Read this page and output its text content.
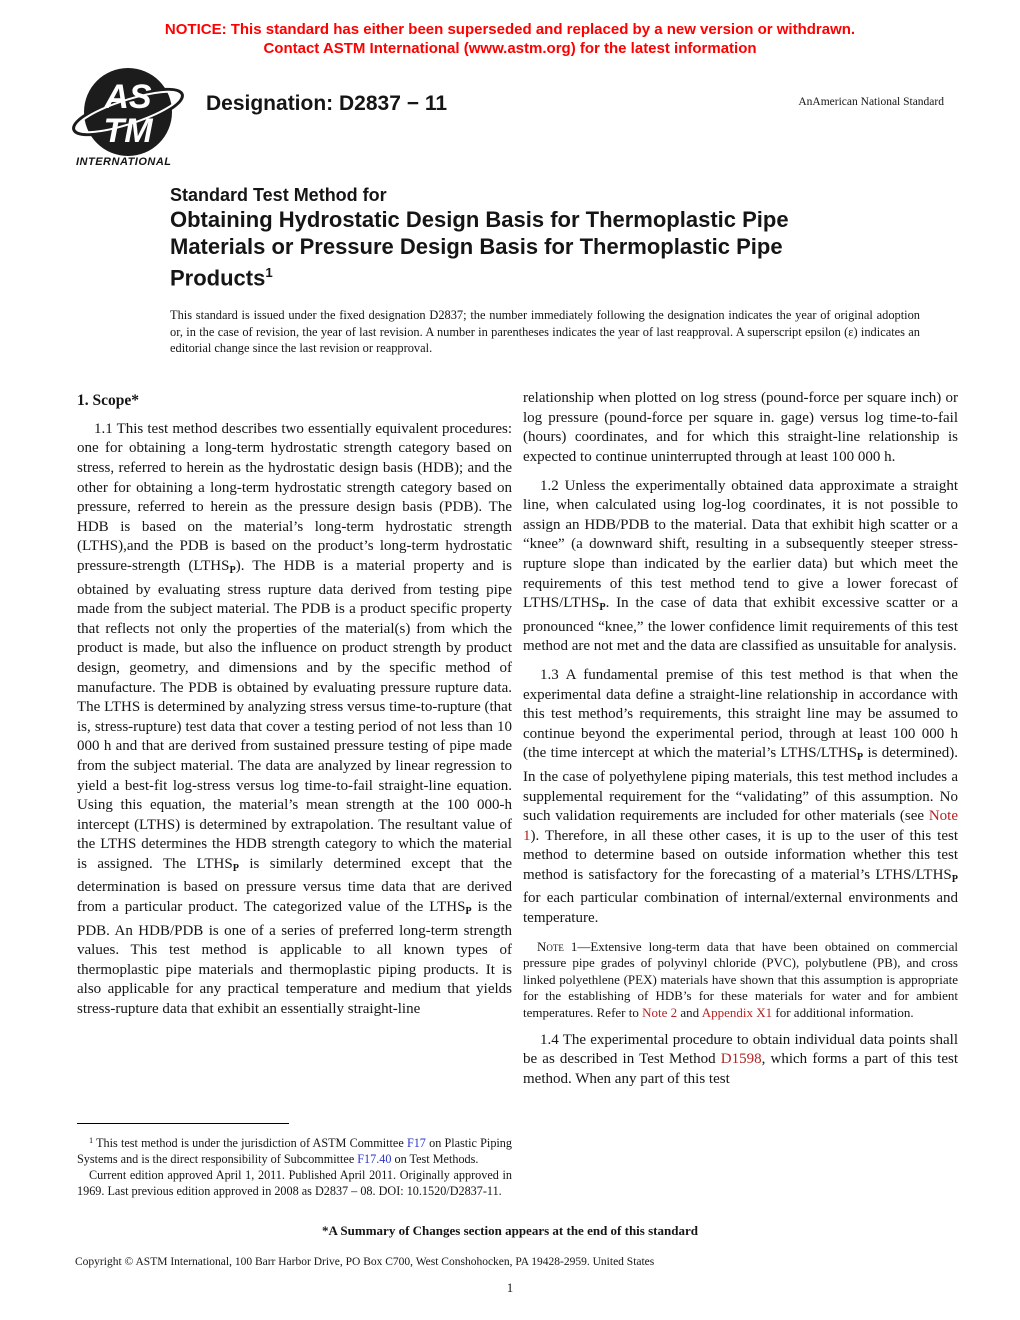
NOTICE: This standard has either been superseded and replaced by a new version or withdrawn.
Contact ASTM International (www.astm.org) for the latest information
AS
TM
INTERNATIONAL
Designation: D2837 − 11	AnAmerican National Standard
Standard Test Method for
Obtaining Hydrostatic Design Basis for Thermoplastic Pipe
Materials or Pressure Design Basis for Thermoplastic Pipe
Products$^1$
This standard is issued under the fixed designation D2837; the number immediately following the designation indicates the year of original adoption or, in the case of revision, the year of last revision. A number in parentheses indicates the year of last reapproval. A superscript epsilon (ε) indicates an editorial change since the last revision or reapproval.

1. Scope*

1.1 This test method describes two essentially equivalent procedures: one for obtaining a long-term hydrostatic strength category based on stress, referred to herein as the hydrostatic design basis (HDB); and the other for obtaining a long-term hydrostatic strength category based on pressure, referred to herein as the pressure design basis (PDB). The HDB is based on the material’s long-term hydrostatic strength (LTHS),and the PDB is based on the product’s long-term hydrostatic pressure-strength $(LTHS_P)$. The HDB is a material property and is obtained by evaluating stress rupture data derived from testing pipe made from the subject material. The PDB is a product specific property that reflects not only the properties of the material(s) from which the product is made, but also the influence on product strength by product design, geometry, and dimensions and by the specific method of manufacture. The PDB is obtained by evaluating pressure rupture data. The LTHS is determined by analyzing stress versus time-to-rupture (that is, stress-rupture) test data that cover a testing period of not less than 10 000 h and that are derived from sustained pressure testing of pipe made from the subject material. The data are analyzed by linear regression to yield a best-fit log-stress versus log time-to-fail straight-line equation. Using this equation, the material’s mean strength at the 100 000-h intercept (LTHS) is determined by extrapolation. The resultant value of the LTHS determines the HDB strength category to which the material is assigned. The $LTHS_P$ is similarly determined except that the determination is based on pressure versus time data that are derived from a particular product. The categorized value of the $LTHS_P$ is the PDB. An HDB/PDB is one of a series of preferred long-term strength values. This test method is applicable to all known types of thermoplastic pipe materials and thermoplastic piping products. It is also applicable for any practical temperature and medium that yields stress-rupture data that exhibit an essentially straight-line

$^1$ This test method is under the jurisdiction of ASTM Committee F17 on Plastic Piping Systems and is the direct responsibility of Subcommittee F17.40 on Test Methods.

Current edition approved April 1, 2011. Published April 2011. Originally approved in 1969. Last previous edition approved in 2008 as D2837 – 08. DOI: 10.1520/D2837-11.

relationship when plotted on log stress (pound-force per square inch) or log pressure (pound-force per square in. gage) versus log time-to-fail (hours) coordinates, and for which this straight-line relationship is expected to continue uninterrupted through at least 100 000 h.

1.2 Unless the experimentally obtained data approximate a straight line, when calculated using log-log coordinates, it is not possible to assign an HDB/PDB to the material. Data that exhibit high scatter or a “knee” (a downward shift, resulting in a subsequently steeper stress-rupture slope than indicated by the earlier data) but which meet the requirements of this test method tend to give a lower forecast of LTHS/$LTHS_P$. In the case of data that exhibit excessive scatter or a pronounced “knee,” the lower confidence limit requirements of this test method are not met and the data are classified as unsuitable for analysis.

1.3 A fundamental premise of this test method is that when the experimental data define a straight-line relationship in accordance with this test method’s requirements, this straight line may be assumed to continue beyond the experimental period, through at least 100 000 h (the time intercept at which the material’s LTHS/$LTHS_P$ is determined). In the case of polyethylene piping materials, this test method includes a supplemental requirement for the “validating” of this assumption. No such validation requirements are included for other materials (see Note 1). Therefore, in all these other cases, it is up to the user of this test method to determine based on outside information whether this test method is satisfactory for the forecasting of a material’s LTHS/$LTHS_P$ for each particular combination of internal/external environments and temperature.

Note 1—Extensive long-term data that have been obtained on commercial pressure pipe grades of polyvinyl chloride (PVC), polybutlene (PB), and cross linked polyethlene (PEX) materials have shown that this assumption is appropriate for the establishing of HDB’s for these materials for water and for ambient temperatures. Refer to Note 2 and Appendix X1 for additional information.

1.4 The experimental procedure to obtain individual data points shall be as described in Test Method D1598, which forms a part of this test method. When any part of this test

*A Summary of Changes section appears at the end of this standard
Copyright © ASTM International, 100 Barr Harbor Drive, PO Box C700, West Conshohocken, PA 19428-2959. United States
1
